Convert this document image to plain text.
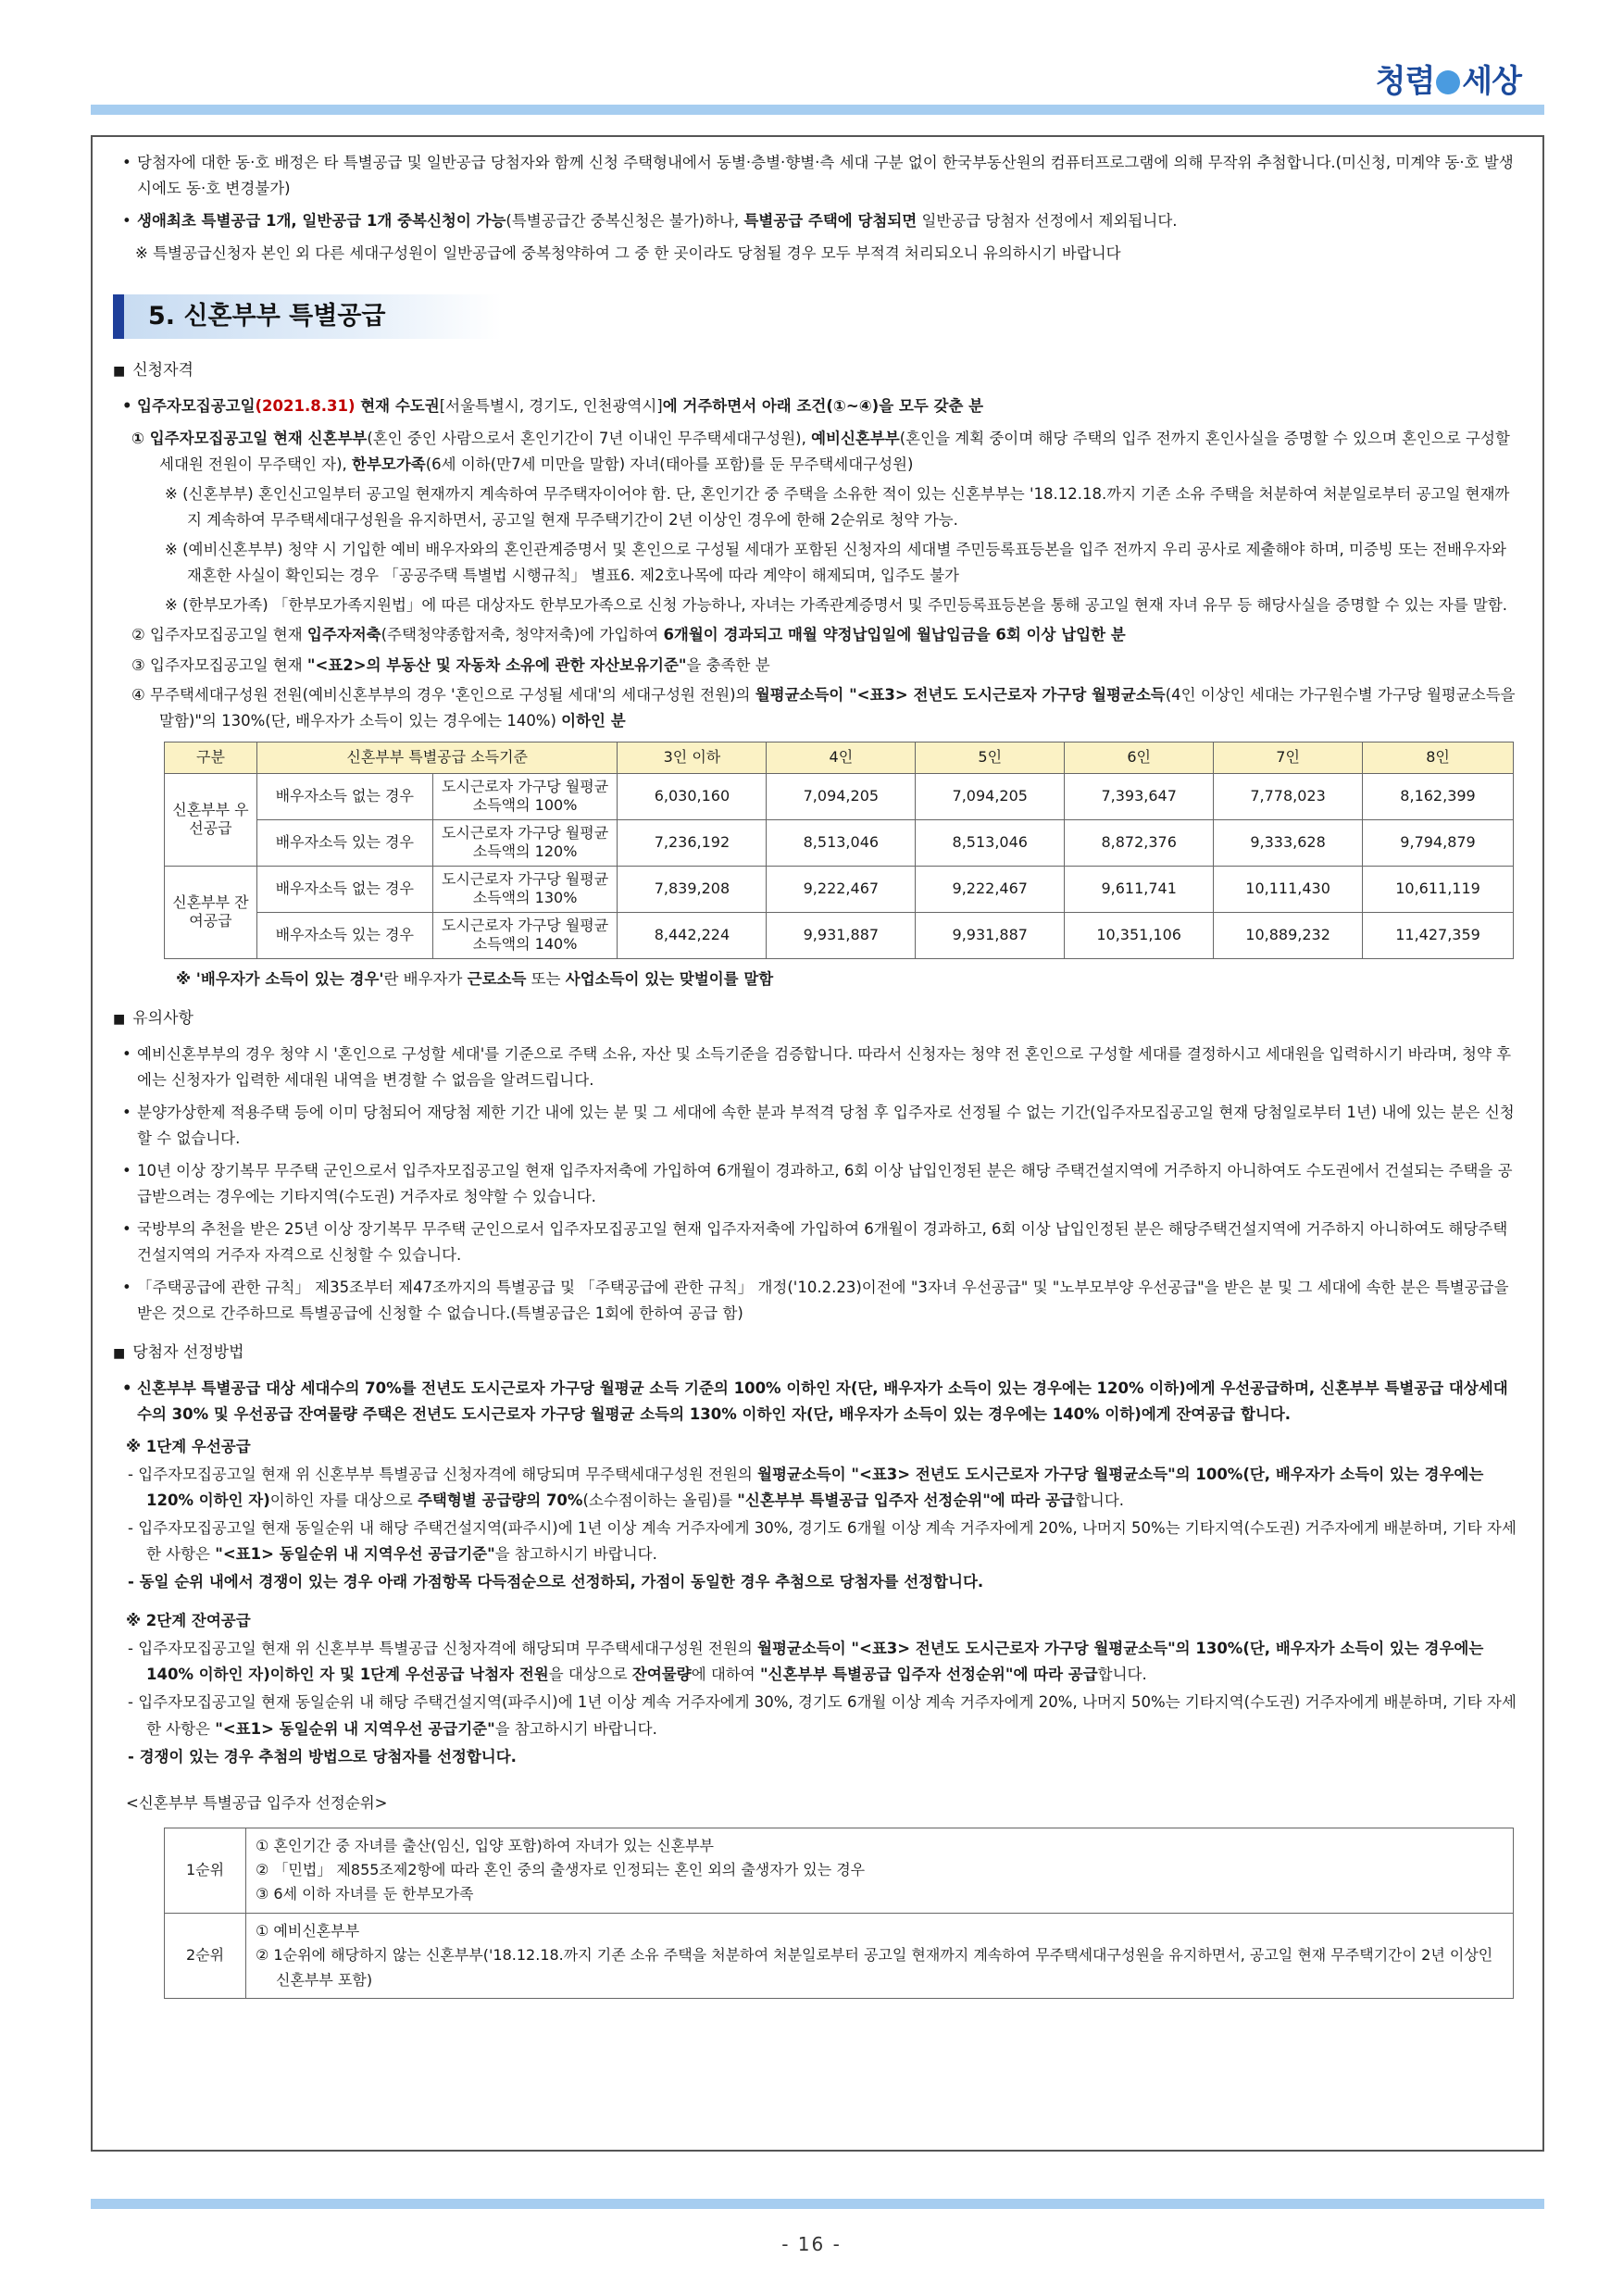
청렴 세상
• 당첨자에 대한 동·호 배정은 타 특별공급 및 일반공급 당첨자와 함께 신청 주택형내에서 동별·층별·향별·측 세대 구분 없이 한국부동산원의 컴퓨터프로그램에 의해 무작위 추첨합니다.(미신청, 미계약 동·호 발생 시에도 동·호 변경불가)
• 생애최초 특별공급 1개, 일반공급 1개 중복신청이 가능(특별공급간 중복신청은 불가)하나, 특별공급 주택에 당첨되면 일반공급 당첨자 선정에서 제외됩니다.
※ 특별공급신청자 본인 외 다른 세대구성원이 일반공급에 중복청약하여 그 중 한 곳이라도 당첨될 경우 모두 부적격 처리되오니 유의하시기 바랍니다
5. 신혼부부 특별공급
■ 신청자격
• 입주자모집공고일(2021.8.31) 현재 수도권[서울특별시, 경기도, 인천광역시]에 거주하면서 아래 조건(①~④)을 모두 갖춘 분
① 입주자모집공고일 현재 신혼부부(혼인 중인 사람으로서 혼인기간이 7년 이내인 무주택세대구성원), 예비신혼부부(혼인을 계획 중이며 해당 주택의 입주 전까지 혼인사실을 증명할 수 있으며 혼인으로 구성할 세대원 전원이 무주택인 자), 한부모가족(6세 이하(만7세 미만을 말함) 자녀(태아를 포함)를 둔 무주택세대구성원)
※ (신혼부부) 혼인신고일부터 공고일 현재까지 계속하여 무주택자이어야 함. 단, 혼인기간 중 주택을 소유한 적이 있는 신혼부부는 '18.12.18.까지 기존 소유 주택을 처분하여 처분일로부터 공고일 현재까지 계속하여 무주택세대구성원을 유지하면서, 공고일 현재 무주택기간이 2년 이상인 경우에 한해 2순위로 청약 가능.
※ (예비신혼부부) 청약 시 기입한 예비 배우자와의 혼인관계증명서 및 혼인으로 구성될 세대가 포함된 신청자의 세대별 주민등록표등본을 입주 전까지 우리 공사로 제출해야 하며, 미증빙 또는 전배우자와 재혼한 사실이 확인되는 경우 「공공주택 특별법 시행규칙」 별표6. 제2호나목에 따라 계약이 해제되며, 입주도 불가
※ (한부모가족) 「한부모가족지원법」에 따른 대상자도 한부모가족으로 신청 가능하나, 자녀는 가족관계증명서 및 주민등록표등본을 통해 공고일 현재 자녀 유무 등 해당사실을 증명할 수 있는 자를 말함.
② 입주자모집공고일 현재 입주자저축(주택청약종합저축, 청약저축)에 가입하여 6개월이 경과되고 매월 약정납입일에 월납입금을 6회 이상 납입한 분
③ 입주자모집공고일 현재 "<표2>의 부동산 및 자동차 소유에 관한 자산보유기준"을 충족한 분
④ 무주택세대구성원 전원(예비신혼부부의 경우 '혼인으로 구성될 세대'의 세대구성원 전원)의 월평균소득이 "<표3> 전년도 도시근로자 가구당 월평균소득(4인 이상인 세대는 가구원수별 가구당 월평균소득을 말함)"의 130%(단, 배우자가 소득이 있는 경우에는 140%) 이하인 분
구분	신혼부부 특별공급 소득기준		3인 이하	4인	5인	6인	7인	8인
신혼부부 우선공급	배우자소득 없는 경우	도시근로자 가구당 월평균소득액의 100%	6,030,160	7,094,205	7,094,205	7,393,647	7,778,023	8,162,399
	배우자소득 있는 경우	도시근로자 가구당 월평균소득액의 120%	7,236,192	8,513,046	8,513,046	8,872,376	9,333,628	9,794,879
신혼부부 잔여공급	배우자소득 없는 경우	도시근로자 가구당 월평균소득액의 130%	7,839,208	9,222,467	9,222,467	9,611,741	10,111,430	10,611,119
	배우자소득 있는 경우	도시근로자 가구당 월평균소득액의 140%	8,442,224	9,931,887	9,931,887	10,351,106	10,889,232	11,427,359
※ '배우자가 소득이 있는 경우'란 배우자가 근로소득 또는 사업소득이 있는 맞벌이를 말함
■ 유의사항
• 예비신혼부부의 경우 청약 시 '혼인으로 구성할 세대'를 기준으로 주택 소유, 자산 및 소득기준을 검증합니다. 따라서 신청자는 청약 전 혼인으로 구성할 세대를 결정하시고 세대원을 입력하시기 바라며, 청약 후에는 신청자가 입력한 세대원 내역을 변경할 수 없음을 알려드립니다.
• 분양가상한제 적용주택 등에 이미 당첨되어 재당첨 제한 기간 내에 있는 분 및 그 세대에 속한 분과 부적격 당첨 후 입주자로 선정될 수 없는 기간(입주자모집공고일 현재 당첨일로부터 1년) 내에 있는 분은 신청할 수 없습니다.
• 10년 이상 장기복무 무주택 군인으로서 입주자모집공고일 현재 입주자저축에 가입하여 6개월이 경과하고, 6회 이상 납입인정된 분은 해당 주택건설지역에 거주하지 아니하여도 수도권에서 건설되는 주택을 공급받으려는 경우에는 기타지역(수도권) 거주자로 청약할 수 있습니다.
• 국방부의 추천을 받은 25년 이상 장기복무 무주택 군인으로서 입주자모집공고일 현재 입주자저축에 가입하여 6개월이 경과하고, 6회 이상 납입인정된 분은 해당주택건설지역에 거주하지 아니하여도 해당주택건설지역의 거주자 자격으로 신청할 수 있습니다.
• 「주택공급에 관한 규칙」 제35조부터 제47조까지의 특별공급 및 「주택공급에 관한 규칙」 개정('10.2.23)이전에 "3자녀 우선공급" 및 "노부모부양 우선공급"을 받은 분 및 그 세대에 속한 분은 특별공급을 받은 것으로 간주하므로 특별공급에 신청할 수 없습니다.(특별공급은 1회에 한하여 공급 함)
■ 당첨자 선정방법
• 신혼부부 특별공급 대상 세대수의 70%를 전년도 도시근로자 가구당 월평균 소득 기준의 100% 이하인 자(단, 배우자가 소득이 있는 경우에는 120% 이하)에게 우선공급하며, 신혼부부 특별공급 대상세대수의 30% 및 우선공급 잔여물량 주택은 전년도 도시근로자 가구당 월평균 소득의 130% 이하인 자(단, 배우자가 소득이 있는 경우에는 140% 이하)에게 잔여공급 합니다.
※ 1단계 우선공급
- 입주자모집공고일 현재 위 신혼부부 특별공급 신청자격에 해당되며 무주택세대구성원 전원의 월평균소득이 "<표3> 전년도 도시근로자 가구당 월평균소득"의 100%(단, 배우자가 소득이 있는 경우에는 120% 이하인 자)이하인 자를 대상으로 주택형별 공급량의 70%(소수점이하는 올림)를 "신혼부부 특별공급 입주자 선정순위"에 따라 공급합니다.
- 입주자모집공고일 현재 동일순위 내 해당 주택건설지역(파주시)에 1년 이상 계속 거주자에게 30%, 경기도 6개월 이상 계속 거주자에게 20%, 나머지 50%는 기타지역(수도권) 거주자에게 배분하며, 기타 자세한 사항은 "<표1> 동일순위 내 지역우선 공급기준"을 참고하시기 바랍니다.
- 동일 순위 내에서 경쟁이 있는 경우 아래 가점항목 다득점순으로 선정하되, 가점이 동일한 경우 추첨으로 당첨자를 선정합니다.
※ 2단계 잔여공급
- 입주자모집공고일 현재 위 신혼부부 특별공급 신청자격에 해당되며 무주택세대구성원 전원의 월평균소득이 "<표3> 전년도 도시근로자 가구당 월평균소득"의 130%(단, 배우자가 소득이 있는 경우에는 140% 이하인 자)이하인 자 및 1단계 우선공급 낙첨자 전원을 대상으로 잔여물량에 대하여 "신혼부부 특별공급 입주자 선정순위"에 따라 공급합니다.
- 입주자모집공고일 현재 동일순위 내 해당 주택건설지역(파주시)에 1년 이상 계속 거주자에게 30%, 경기도 6개월 이상 계속 거주자에게 20%, 나머지 50%는 기타지역(수도권) 거주자에게 배분하며, 기타 자세한 사항은 "<표1> 동일순위 내 지역우선 공급기준"을 참고하시기 바랍니다.
- 경쟁이 있는 경우 추첨의 방법으로 당첨자를 선정합니다.
<신혼부부 특별공급 입주자 선정순위>
1순위	① 혼인기간 중 자녀를 출산(임신, 입양 포함)하여 자녀가 있는 신혼부부
② 「민법」 제855조제2항에 따라 혼인 중의 출생자로 인정되는 혼인 외의 출생자가 있는 경우
③ 6세 이하 자녀를 둔 한부모가족

2순위	① 예비신혼부부
② 1순위에 해당하지 않는 신혼부부('18.12.18.까지 기존 소유 주택을 처분하여 처분일로부터 공고일 현재까지 계속하여 무주택세대구성원을 유지하면서, 공고일 현재 무주택기간이 2년 이상인 신혼부부 포함)
- 16 -
